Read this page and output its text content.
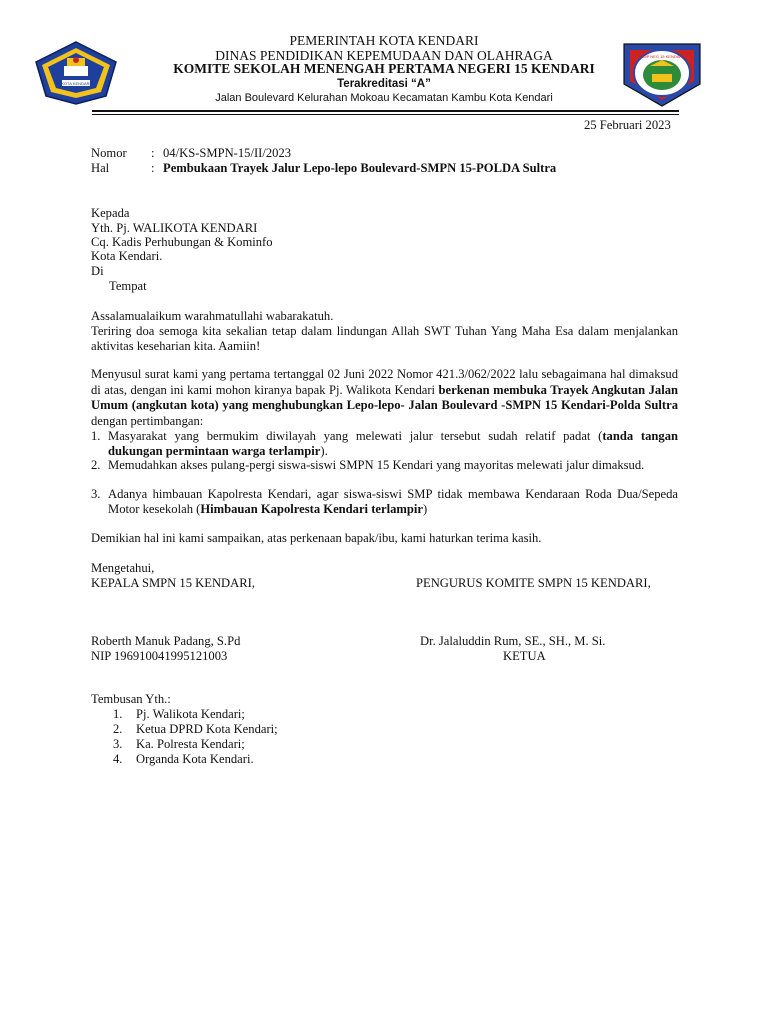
KOTA KENDARI
SMP NEG 15 KENDARI
PEMERINTAH KOTA KENDARI
DINAS PENDIDIKAN KEPEMUDAAN DAN OLAHRAGA
KOMITE SEKOLAH MENENGAH PERTAMA NEGERI 15 KENDARI
Terakreditasi “A”
Jalan Boulevard Kelurahan Mokoau Kecamatan Kambu Kota Kendari
25 Februari 2023
Nomor : 04/KS-SMPN-15/II/2023
Hal	: Pembukaan Trayek Jalur Lepo-lepo Boulevard-SMPN 15-POLDA Sultra
Kepada
Yth. Pj. WALIKOTA KENDARI
Cq. Kadis Perhubungan & Kominfo
Kota Kendari.
Di
Tempat
Assalamualaikum warahmatullahi wabarakatuh.
Teriring doa semoga kita sekalian tetap dalam lindungan Allah SWT Tuhan Yang Maha Esa dalam menjalankan aktivitas keseharian kita. Aamiin!
Menyusul surat kami yang pertama tertanggal 02 Juni 2022 Nomor 421.3/062/2022 lalu sebagaimana hal dimaksud di atas, dengan ini kami mohon kiranya bapak Pj. Walikota Kendari berkenan membuka Trayek Angkutan Jalan Umum (angkutan kota) yang menghubungkan Lepo-lepo- Jalan Boulevard -SMPN 15 Kendari-Polda Sultra dengan pertimbangan:
1. Masyarakat yang bermukim diwilayah yang melewati jalur tersebut sudah relatif padat (tanda tangan dukungan permintaan warga terlampir).
2. Memudahkan akses pulang-pergi siswa-siswi SMPN 15 Kendari yang mayoritas melewati jalur dimaksud.
3. Adanya himbauan Kapolresta Kendari, agar siswa-siswi SMP tidak membawa Kendaraan Roda Dua/Sepeda Motor kesekolah (Himbauan Kapolresta Kendari terlampir)
Demikian hal ini kami sampaikan, atas perkenaan bapak/ibu, kami haturkan terima kasih.
Mengetahui,
KEPALA SMPN 15 KENDARI,	PENGURUS KOMITE SMPN 15 KENDARI,
Roberth Manuk Padang, S.Pd
NIP 196910041995121003
Dr. Jalaluddin Rum, SE., SH., M. Si.
KETUA
Tembusan Yth.:
1. Pj. Walikota Kendari;
2. Ketua DPRD Kota Kendari;
3. Ka. Polresta Kendari;
4. Organda Kota Kendari.
